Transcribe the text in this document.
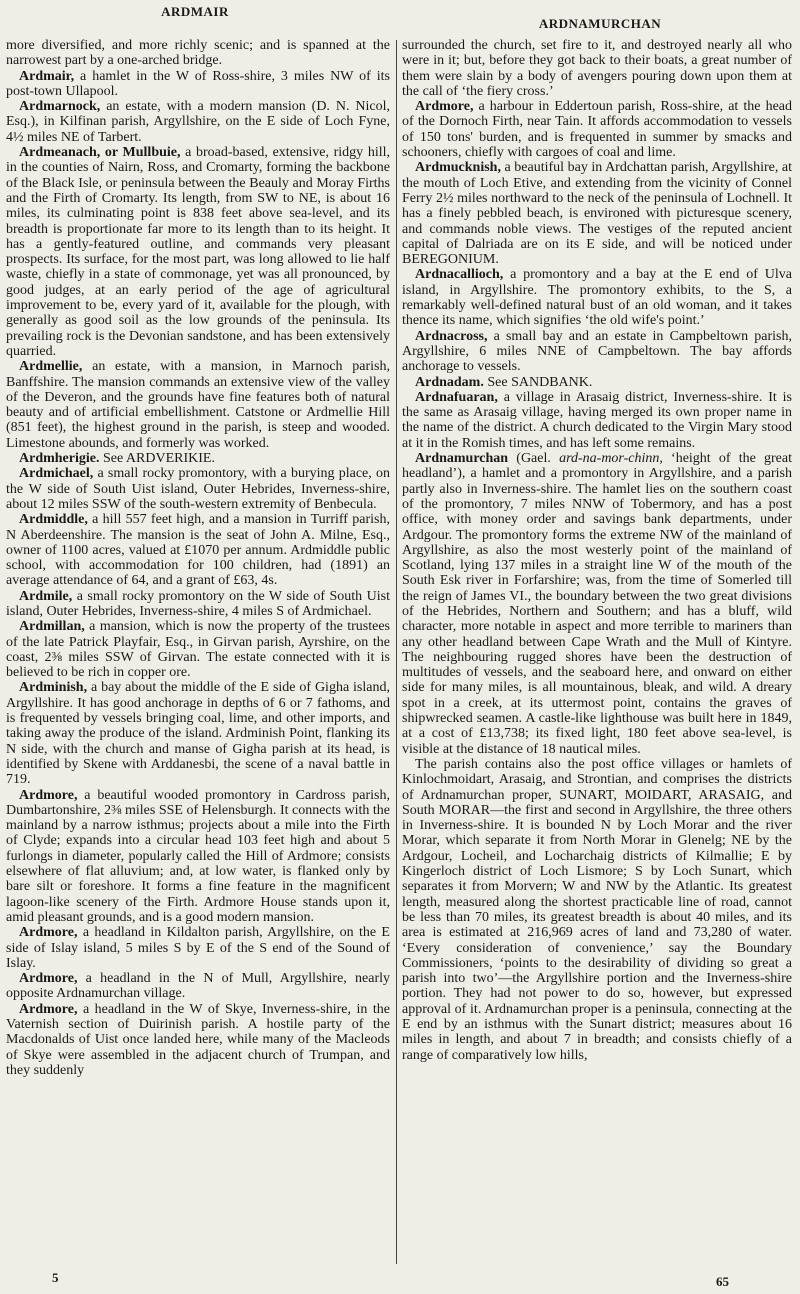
ARDMAIR
ARDNAMURCHAN

more diversified, and more richly scenic; and is spanned at the narrowest part by a one-arched bridge.

Ardmair, a hamlet in the W of Ross-shire, 3 miles NW of its post-town Ullapool.

Ardmarnock, an estate, with a modern mansion (D. N. Nicol, Esq.), in Kilfinan parish, Argyllshire, on the E side of Loch Fyne, 4½ miles NE of Tarbert.

Ardmeanach, or Mullbuie, a broad-based, extensive, ridgy hill, in the counties of Nairn, Ross, and Cromarty, forming the backbone of the Black Isle, or peninsula between the Beauly and Moray Firths and the Firth of Cromarty. Its length, from SW to NE, is about 16 miles, its culminating point is 838 feet above sea-level, and its breadth is proportionate far more to its length than to its height. It has a gently-featured outline, and commands very pleasant prospects. Its surface, for the most part, was long allowed to lie half waste, chiefly in a state of commonage, yet was all pronounced, by good judges, at an early period of the age of agricultural improvement to be, every yard of it, available for the plough, with generally as good soil as the low grounds of the peninsula. Its prevailing rock is the Devonian sandstone, and has been extensively quarried.

Ardmellie, an estate, with a mansion, in Marnoch parish, Banffshire. The mansion commands an extensive view of the valley of the Deveron, and the grounds have fine features both of natural beauty and of artificial embellishment. Catstone or Ardmellie Hill (851 feet), the highest ground in the parish, is steep and wooded. Limestone abounds, and formerly was worked.

Ardmherigie. See ARDVERIKIE.

Ardmichael, a small rocky promontory, with a burying place, on the W side of South Uist island, Outer Hebrides, Inverness-shire, about 12 miles SSW of the south-western extremity of Benbecula.

Ardmiddle, a hill 557 feet high, and a mansion in Turriff parish, N Aberdeenshire. The mansion is the seat of John A. Milne, Esq., owner of 1100 acres, valued at £1070 per annum. Ardmiddle public school, with accommodation for 100 children, had (1891) an average attendance of 64, and a grant of £63, 4s.

Ardmile, a small rocky promontory on the W side of South Uist island, Outer Hebrides, Inverness-shire, 4 miles S of Ardmichael.

Ardmillan, a mansion, which is now the property of the trustees of the late Patrick Playfair, Esq., in Girvan parish, Ayrshire, on the coast, 2⅜ miles SSW of Girvan. The estate connected with it is believed to be rich in copper ore.

Ardminish, a bay about the middle of the E side of Gigha island, Argyllshire. It has good anchorage in depths of 6 or 7 fathoms, and is frequented by vessels bringing coal, lime, and other imports, and taking away the produce of the island. Ardminish Point, flanking its N side, with the church and manse of Gigha parish at its head, is identified by Skene with Arddanesbi, the scene of a naval battle in 719.

Ardmore, a beautiful wooded promontory in Cardross parish, Dumbartonshire, 2⅜ miles SSE of Helensburgh. It connects with the mainland by a narrow isthmus; projects about a mile into the Firth of Clyde; expands into a circular head 103 feet high and about 5 furlongs in diameter, popularly called the Hill of Ardmore; consists elsewhere of flat alluvium; and, at low water, is flanked only by bare silt or foreshore. It forms a fine feature in the magnificent lagoon-like scenery of the Firth. Ardmore House stands upon it, amid pleasant grounds, and is a good modern mansion.

Ardmore, a headland in Kildalton parish, Argyllshire, on the E side of Islay island, 5 miles S by E of the S end of the Sound of Islay.

Ardmore, a headland in the N of Mull, Argyllshire, nearly opposite Ardnamurchan village.

Ardmore, a headland in the W of Skye, Inverness-shire, in the Vaternish section of Duirinish parish. A hostile party of the Macdonalds of Uist once landed here, while many of the Macleods of Skye were assembled in the adjacent church of Trumpan, and they suddenly

surrounded the church, set fire to it, and destroyed nearly all who were in it; but, before they got back to their boats, a great number of them were slain by a body of avengers pouring down upon them at the call of ‘the fiery cross.’

Ardmore, a harbour in Eddertoun parish, Ross-shire, at the head of the Dornoch Firth, near Tain. It affords accommodation to vessels of 150 tons' burden, and is frequented in summer by smacks and schooners, chiefly with cargoes of coal and lime.

Ardmucknish, a beautiful bay in Ardchattan parish, Argyllshire, at the mouth of Loch Etive, and extending from the vicinity of Connel Ferry 2½ miles northward to the neck of the peninsula of Lochnell. It has a finely pebbled beach, is environed with picturesque scenery, and commands noble views. The vestiges of the reputed ancient capital of Dalriada are on its E side, and will be noticed under BEREGONIUM.

Ardnacallioch, a promontory and a bay at the E end of Ulva island, in Argyllshire. The promontory exhibits, to the S, a remarkably well-defined natural bust of an old woman, and it takes thence its name, which signifies ‘the old wife's point.’

Ardnacross, a small bay and an estate in Campbeltown parish, Argyllshire, 6 miles NNE of Campbeltown. The bay affords anchorage to vessels.

Ardnadam. See SANDBANK.

Ardnafuaran, a village in Arasaig district, Inverness-shire. It is the same as Arasaig village, having merged its own proper name in the name of the district. A church dedicated to the Virgin Mary stood at it in the Romish times, and has left some remains.

Ardnamurchan (Gael. ard-na-mor-chinn, ‘height of the great headland’), a hamlet and a promontory in Argyllshire, and a parish partly also in Inverness-shire. The hamlet lies on the southern coast of the promontory, 7 miles NNW of Tobermory, and has a post office, with money order and savings bank departments, under Ardgour. The promontory forms the extreme NW of the mainland of Argyllshire, as also the most westerly point of the mainland of Scotland, lying 137 miles in a straight line W of the mouth of the South Esk river in Forfarshire; was, from the time of Somerled till the reign of James VI., the boundary between the two great divisions of the Hebrides, Northern and Southern; and has a bluff, wild character, more notable in aspect and more terrible to mariners than any other headland between Cape Wrath and the Mull of Kintyre. The neighbouring rugged shores have been the destruction of multitudes of vessels, and the seaboard here, and onward on either side for many miles, is all mountainous, bleak, and wild. A dreary spot in a creek, at its uttermost point, contains the graves of shipwrecked seamen. A castle-like lighthouse was built here in 1849, at a cost of £13,738; its fixed light, 180 feet above sea-level, is visible at the distance of 18 nautical miles.

The parish contains also the post office villages or hamlets of Kinlochmoidart, Arasaig, and Strontian, and comprises the districts of Ardnamurchan proper, SUNART, MOIDART, ARASAIG, and South MORAR—the first and second in Argyllshire, the three others in Inverness-shire. It is bounded N by Loch Morar and the river Morar, which separate it from North Morar in Glenelg; NE by the Ardgour, Locheil, and Locharchaig districts of Kilmallie; E by Kingerloch district of Loch Lismore; S by Loch Sunart, which separates it from Morvern; W and NW by the Atlantic. Its greatest length, measured along the shortest practicable line of road, cannot be less than 70 miles, its greatest breadth is about 40 miles, and its area is estimated at 216,969 acres of land and 73,280 of water. ‘Every consideration of convenience,’ say the Boundary Commissioners, ‘points to the desirability of dividing so great a parish into two’—the Argyllshire portion and the Inverness-shire portion. They had not power to do so, however, but expressed approval of it. Ardnamurchan proper is a peninsula, connecting at the E end by an isthmus with the Sunart district; measures about 16 miles in length, and about 7 in breadth; and consists chiefly of a range of comparatively low hills,

5	65
